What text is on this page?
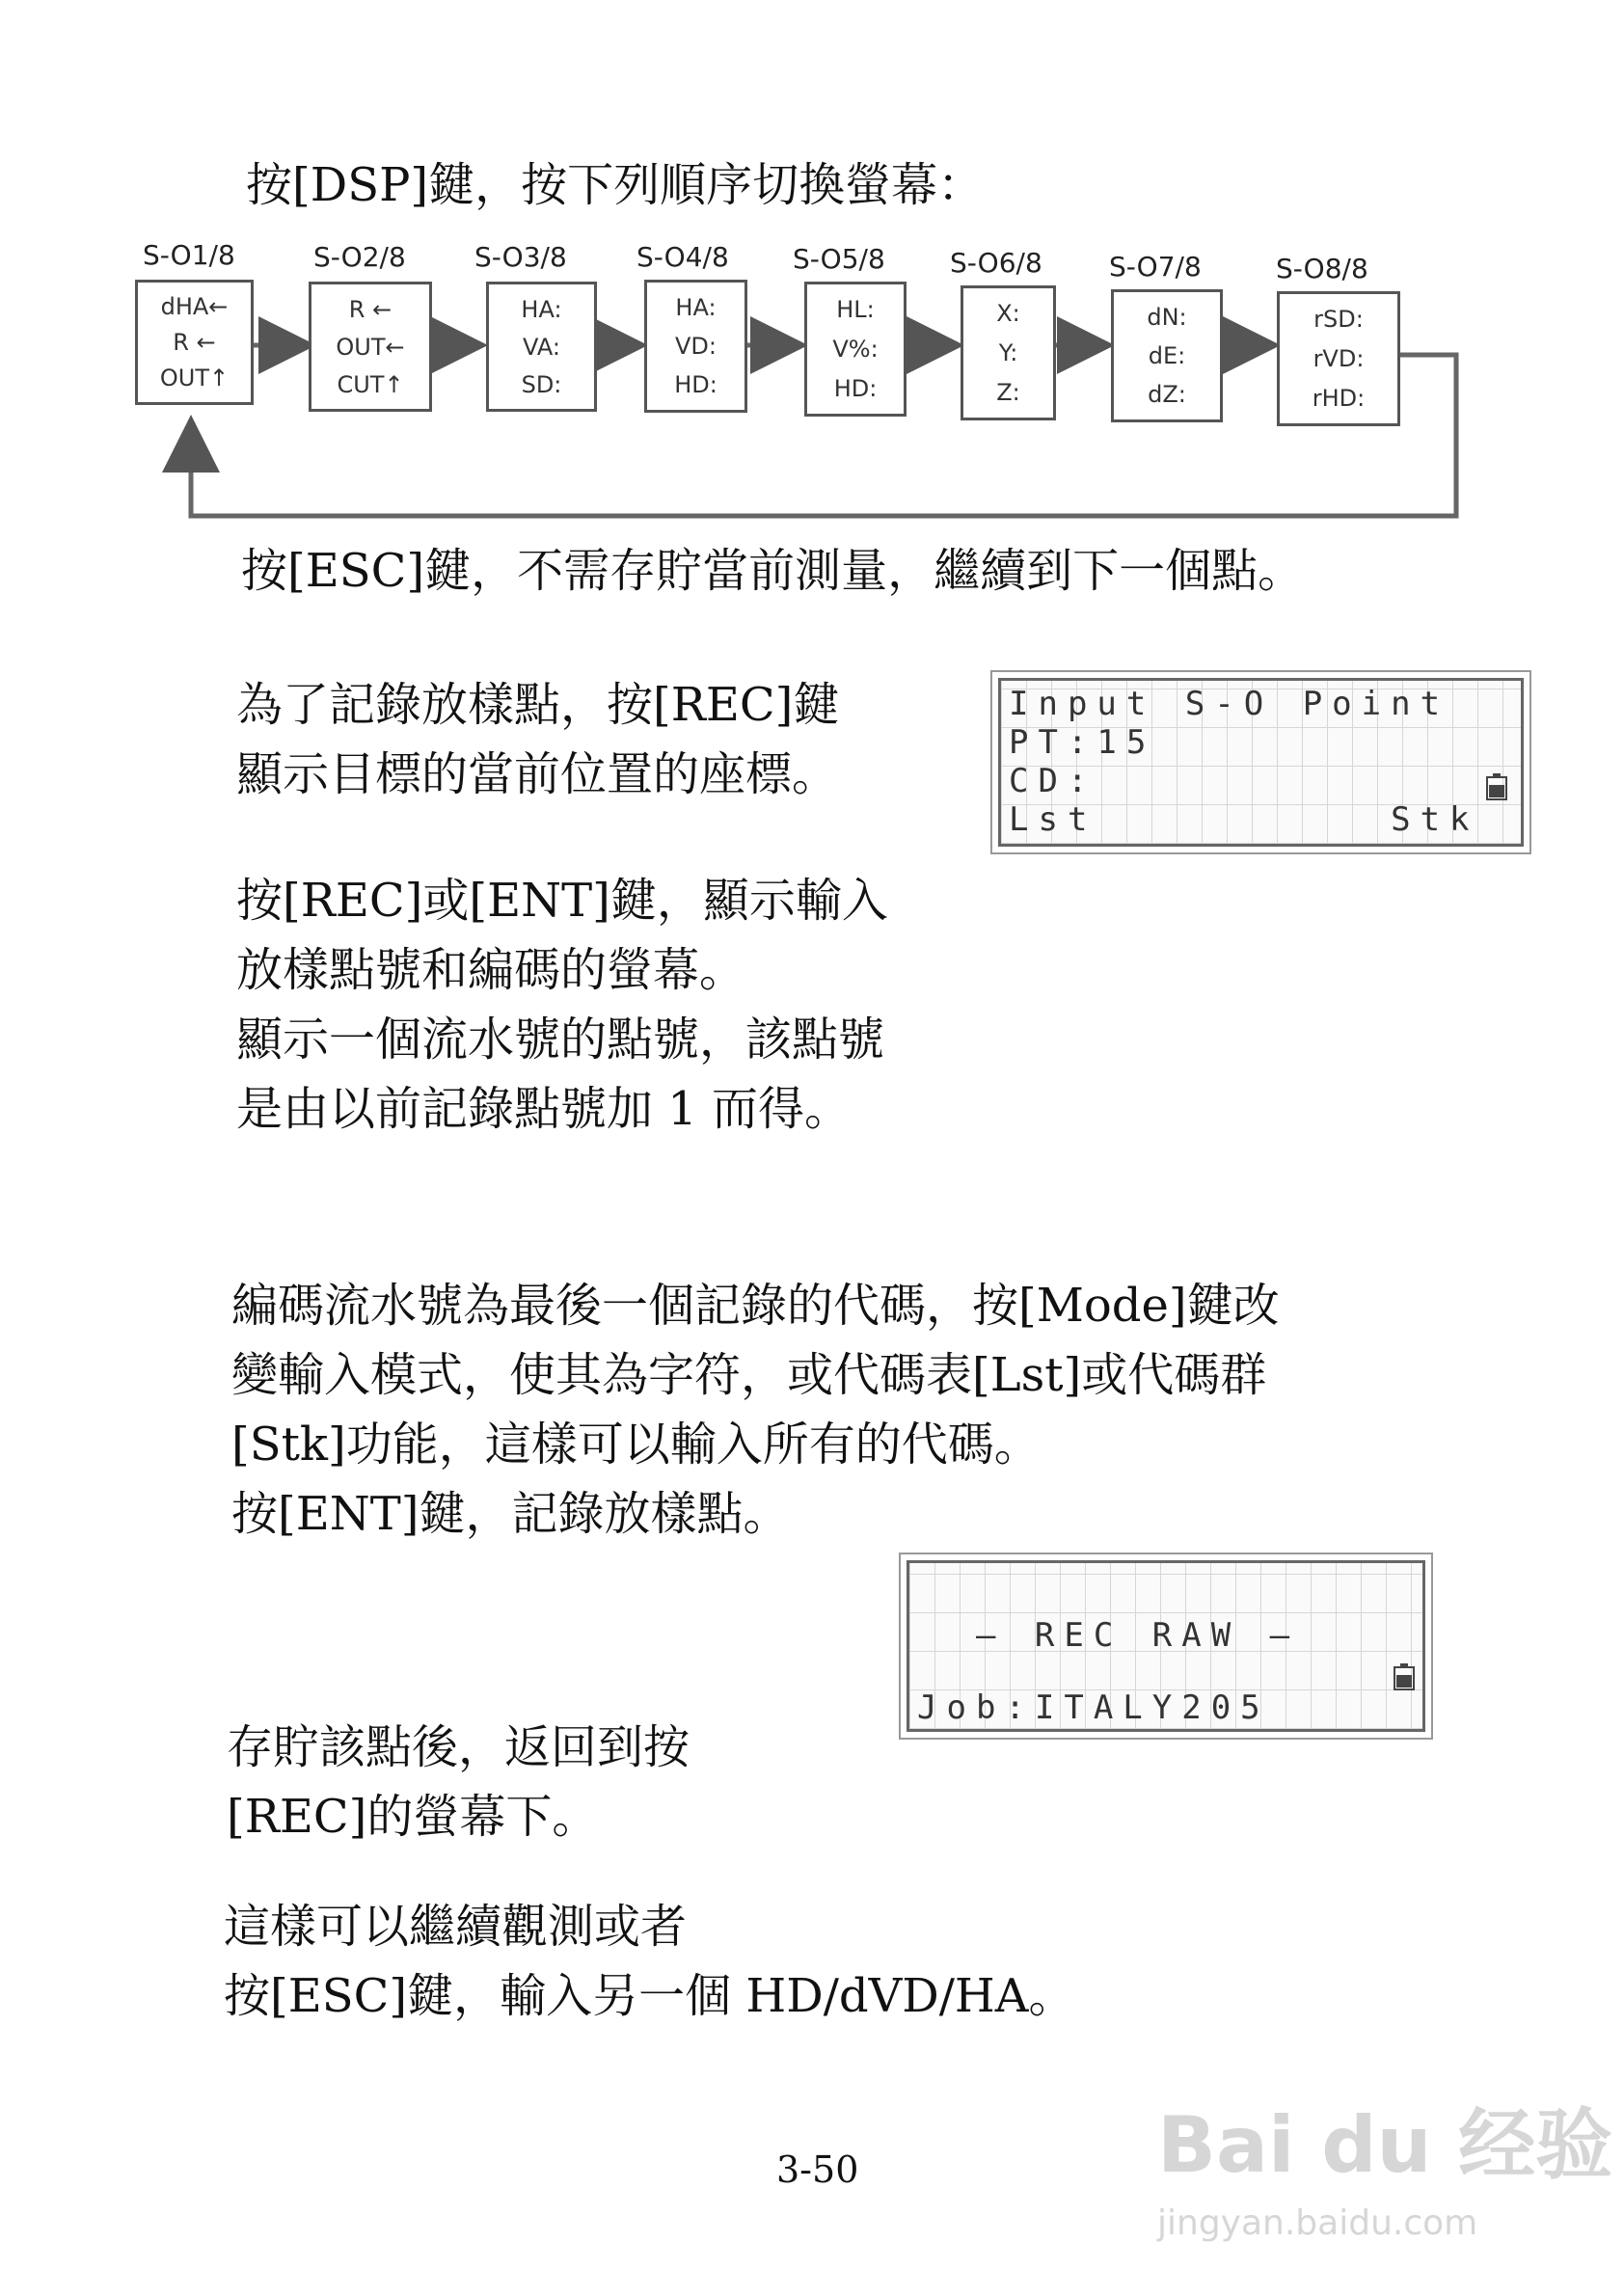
按[DSP]鍵，按下列順序切換螢幕：

S-O1/8
dHA←
R ←
OUT↑
S-O2/8
R ←
OUT←
CUT↑
S-O3/8
HA:
VA:
SD:
S-O4/8
HA:
VD:
HD:
S-O5/8
HL:
V%:
HD:
S-O6/8
X:
Y:
Z:
S-O7/8
dN:
dE:
dZ:
S-O8/8
rSD:
rVD:
rHD:

按[ESC]鍵，不需存貯當前測量，繼續到下一個點。

為了記錄放樣點，按[REC]鍵
顯示目標的當前位置的座標。

Input S-O Point
PT:15
CD:
Lst          Stk

按[REC]或[ENT]鍵，顯示輸入
放樣點號和編碼的螢幕。
顯示一個流水號的點號，該點號
是由以前記錄點號加 1 而得。

編碼流水號為最後一個記錄的代碼，按[Mode]鍵改
變輸入模式，使其為字符，或代碼表[Lst]或代碼群
[Stk]功能，這樣可以輸入所有的代碼。
按[ENT]鍵，記錄放樣點。

— REC RAW —
Job:ITALY205

存貯該點後，返回到按
[REC]的螢幕下。

這樣可以繼續觀測或者
按[ESC]鍵，輸入另一個 HD/dVD/HA。

3-50	Bai du 经验
jingyan.baidu.com
